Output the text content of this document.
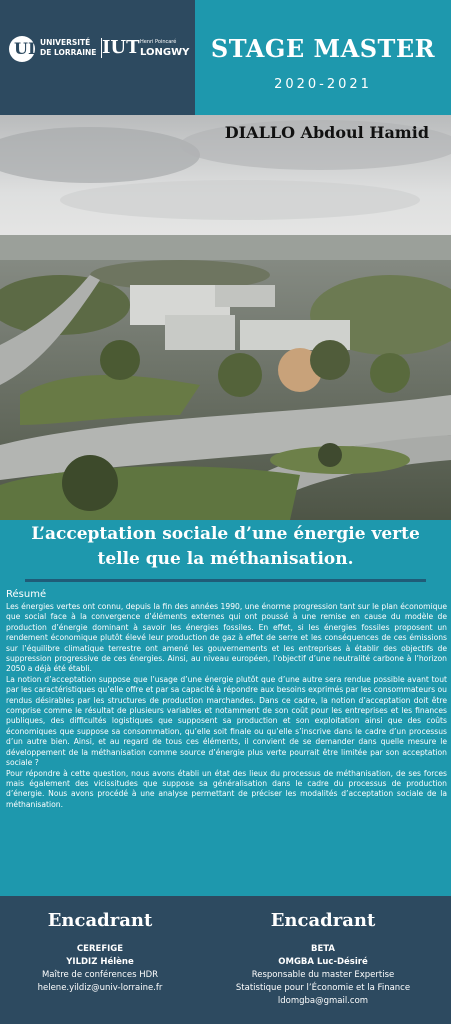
UL UNIVERSITÉ
DE LORRAINE IUT Henri Poincaré
LONGWY STAGE MASTER
2020-2021
DIALLO Abdoul Hamid
L’acceptation sociale d’une énergie verte
telle que la méthanisation.
Résumé

Les énergies vertes ont connu, depuis la fin des années 1990, une énorme progression tant sur le plan économique que social face à la convergence d’éléments externes qui ont poussé à une remise en cause du modèle de production d’énergie dominant à savoir les énergies fossiles. En effet, si les énergies fossiles proposent un rendement économique plutôt élevé leur production de gaz à effet de serre et les conséquences de ces émissions sur l’équilibre climatique terrestre ont amené les gouvernements et les entreprises à établir des objectifs de suppression progressive de ces énergies. Ainsi, au niveau européen, l’objectif d’une neutralité carbone à l’horizon 2050 a déjà été établi.

La notion d’acceptation suppose que l’usage d’une énergie plutôt que d’une autre sera rendue possible avant tout par les caractéristiques qu’elle offre et par sa capacité à répondre aux besoins exprimés par les consommateurs ou rendus désirables par les structures de production marchandes. Dans ce cadre, la notion d’acceptation doit être comprise comme le résultat de plusieurs variables et notamment de son coût pour les entreprises et les finances publiques, des difficultés logistiques que supposent sa production et son exploitation ainsi que des coûts économiques que suppose sa consommation, qu’elle soit finale ou qu’elle s’inscrive dans le cadre d’un processus d’un autre bien. Ainsi, et au regard de tous ces éléments, il convient de se demander dans quelle mesure le développement de la méthanisation comme source d’énergie plus verte pourrait être limitée par son acceptation sociale ?

Pour répondre à cette question, nous avons établi un état des lieux du processus de méthanisation, de ses forces mais également des vicissitudes que suppose sa généralisation dans le cadre du processus de production d’énergie. Nous avons procédé à une analyse permettant de préciser les modalités d’acceptation sociale de la méthanisation.

Encadrant
CEREFIGE
YILDIZ Hélène
Maître de conférences HDR
helene.yildiz@univ-lorraine.fr
Encadrant
BETA
OMGBA Luc-Désiré
Responsable du master Expertise
Statistique pour l’Économie et la Finance
ldomgba@gmail.com
